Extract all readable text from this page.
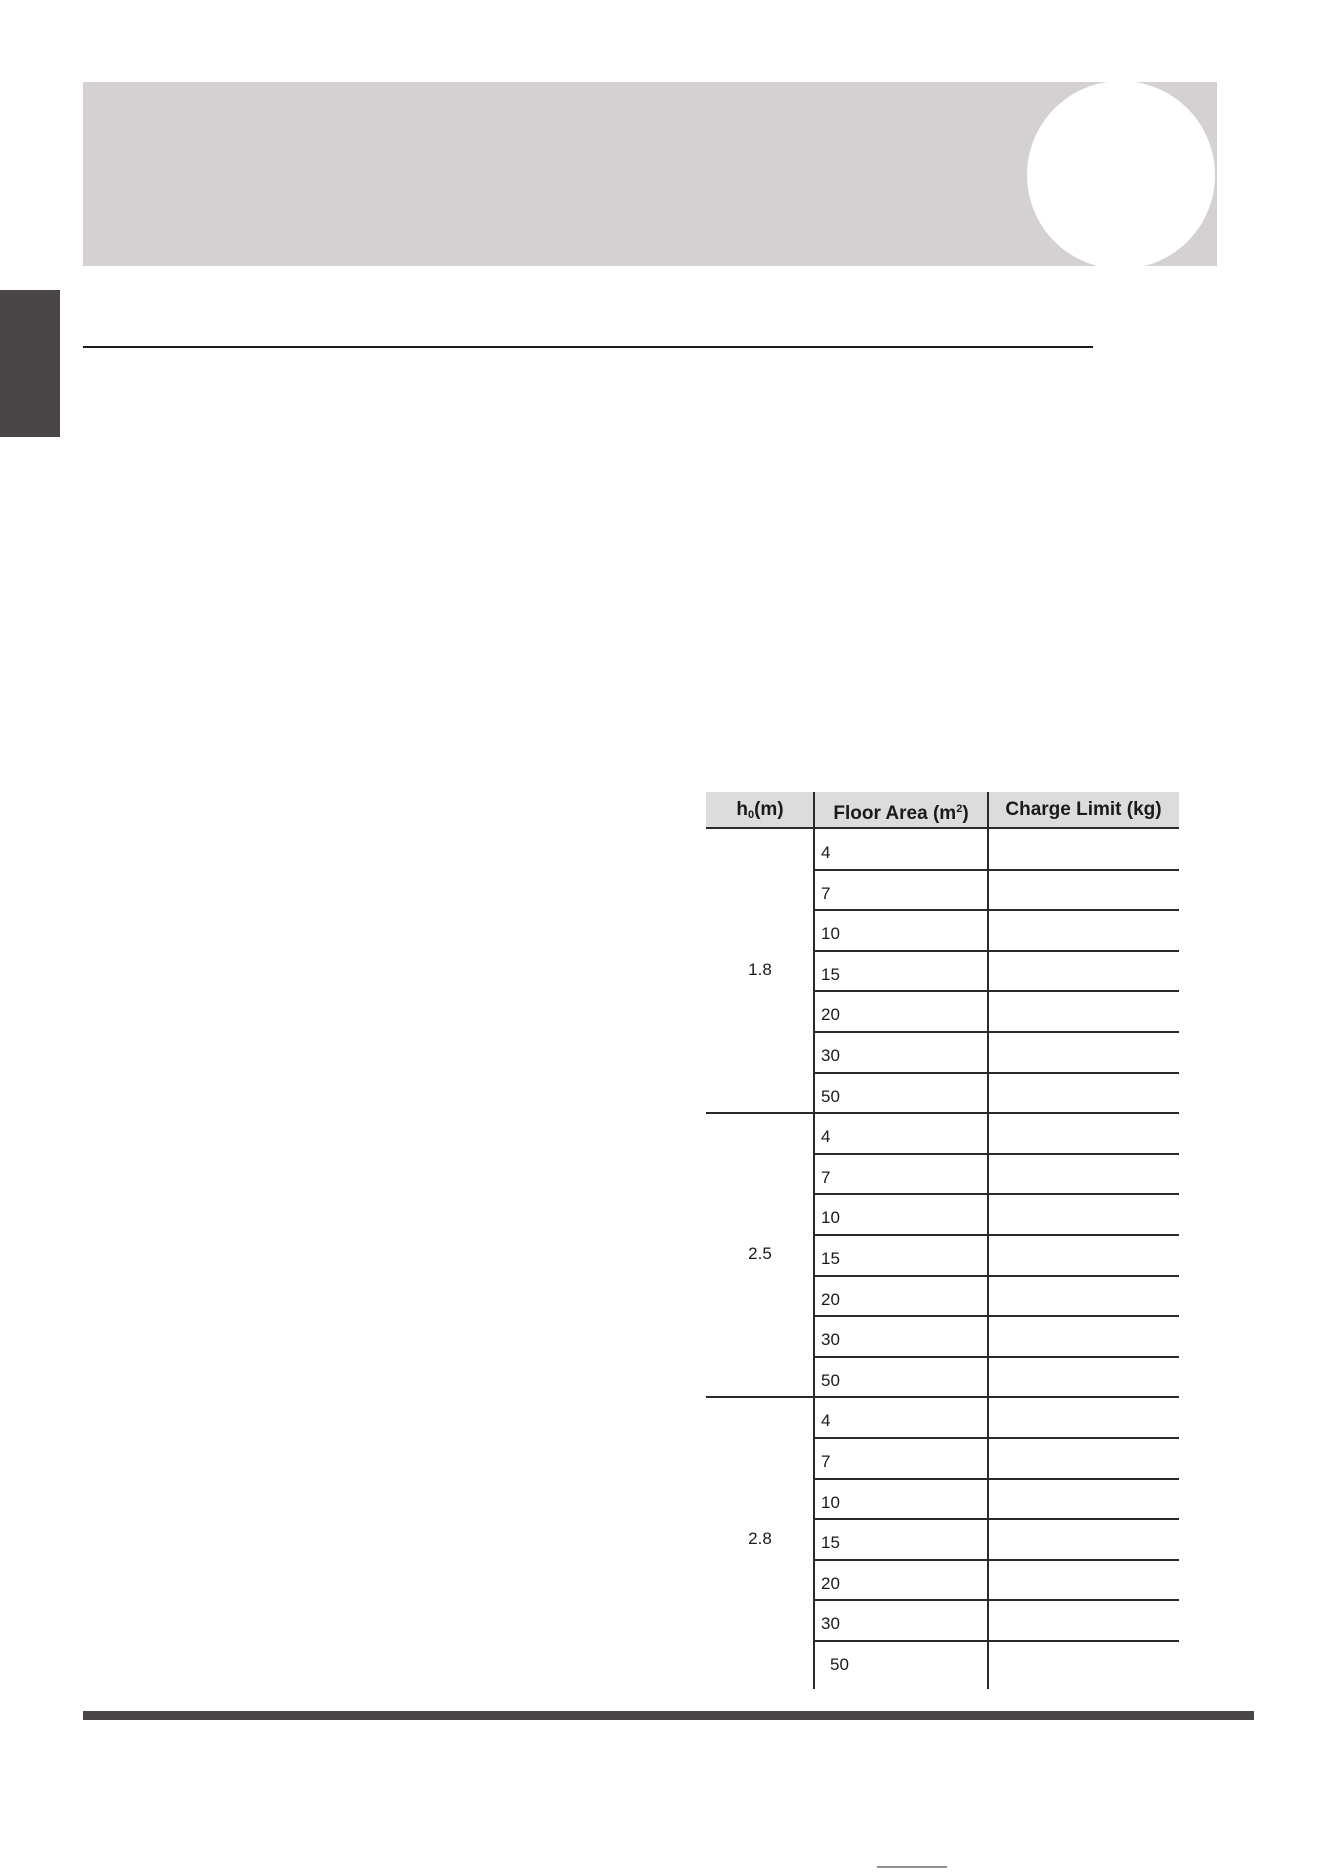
$h_0(m)$	Floor Area $(m^2)$	Charge Limit (kg)
1.8
4
7
10
15
20
30
50
2.5
4
7
10
15
20
30
50
2.8
4
7
10
15
20
30
50
